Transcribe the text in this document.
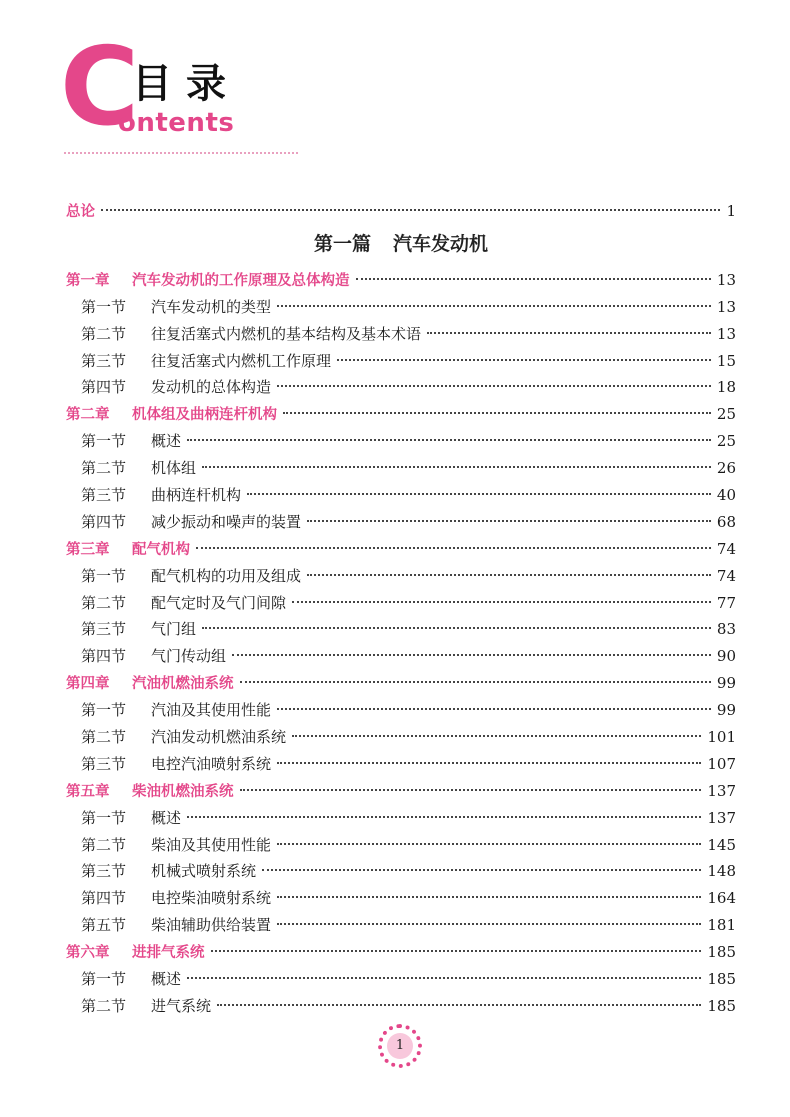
C
目录
ontents
总论	1
第一篇 汽车发动机
第一章	汽车发动机的工作原理及总体构造	13
第一节	汽车发动机的类型	13
第二节	往复活塞式内燃机的基本结构及基本术语	13
第三节	往复活塞式内燃机工作原理	15
第四节	发动机的总体构造	18
第二章	机体组及曲柄连杆机构	25
第一节	概述	25
第二节	机体组	26
第三节	曲柄连杆机构	40
第四节	减少振动和噪声的装置	68
第三章	配气机构	74
第一节	配气机构的功用及组成	74
第二节	配气定时及气门间隙	77
第三节	气门组	83
第四节	气门传动组	90
第四章	汽油机燃油系统	99
第一节	汽油及其使用性能	99
第二节	汽油发动机燃油系统	101
第三节	电控汽油喷射系统	107
第五章	柴油机燃油系统	137
第一节	概述	137
第二节	柴油及其使用性能	145
第三节	机械式喷射系统	148
第四节	电控柴油喷射系统	164
第五节	柴油辅助供给装置	181
第六章	进排气系统	185
第一节	概述	185
第二节	进气系统	185
1
